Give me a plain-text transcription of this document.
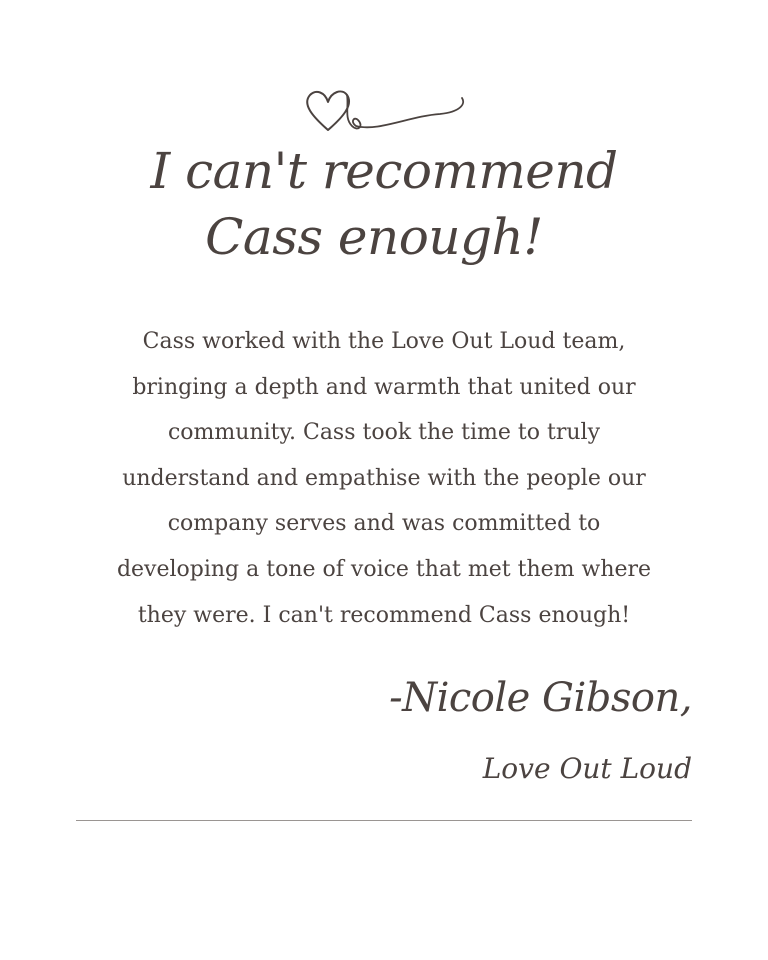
I can't recommend
Cass enough!
Cass worked with the Love Out Loud team,
bringing a depth and warmth that united our
community. Cass took the time to truly
understand and empathise with the people our
company serves and was committed to
developing a tone of voice that met them where
they were. I can't recommend Cass enough!
-Nicole Gibson,
Love Out Loud
